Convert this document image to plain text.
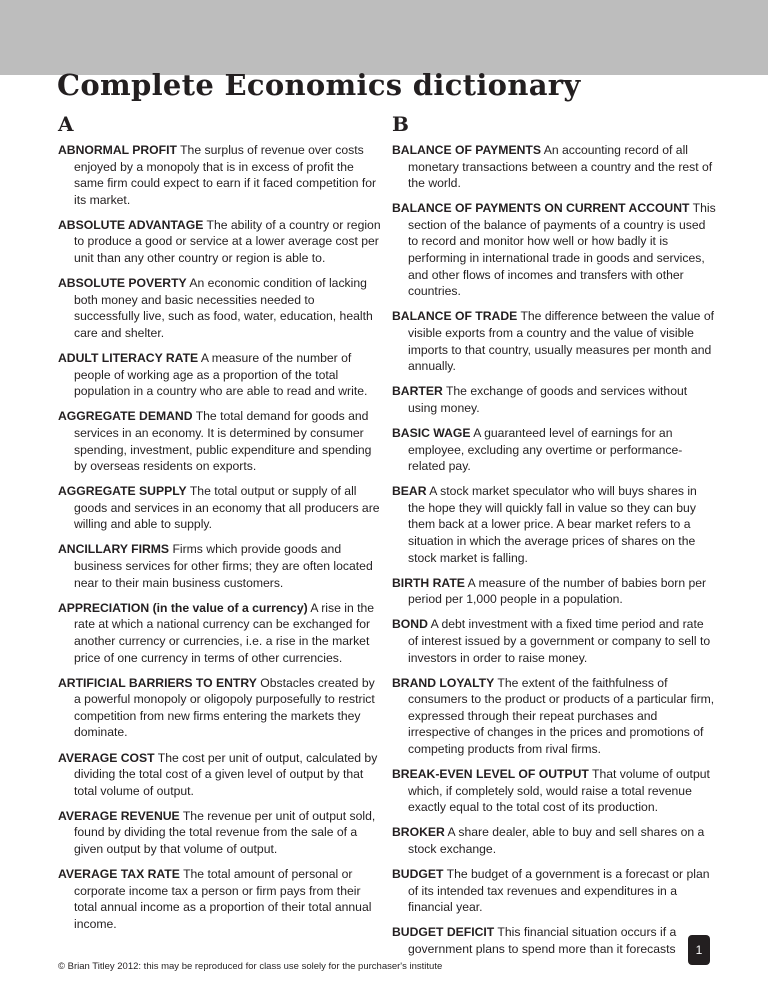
Complete Economics dictionary
A

ABNORMAL PROFIT The surplus of revenue over costs enjoyed by a monopoly that is in excess of profit the same firm could expect to earn if it faced competition for its market.

ABSOLUTE ADVANTAGE The ability of a country or region to produce a good or service at a lower average cost per unit than any other country or region is able to.

ABSOLUTE POVERTY An economic condition of lacking both money and basic necessities needed to successfully live, such as food, water, education, health care and shelter.

ADULT LITERACY RATE A measure of the number of people of working age as a proportion of the total population in a country who are able to read and write.

AGGREGATE DEMAND The total demand for goods and services in an economy. It is determined by consumer spending, investment, public expenditure and spending by overseas residents on exports.

AGGREGATE SUPPLY The total output or supply of all goods and services in an economy that all producers are willing and able to supply.

ANCILLARY FIRMS Firms which provide goods and business services for other firms; they are often located near to their main business customers.

APPRECIATION (in the value of a currency) A rise in the rate at which a national currency can be exchanged for another currency or currencies, i.e. a rise in the market price of one currency in terms of other currencies.

ARTIFICIAL BARRIERS TO ENTRY Obstacles created by a powerful monopoly or oligopoly purposefully to restrict competition from new firms entering the markets they dominate.

AVERAGE COST The cost per unit of output, calculated by dividing the total cost of a given level of output by that total volume of output.

AVERAGE REVENUE The revenue per unit of output sold, found by dividing the total revenue from the sale of a given output by that volume of output.

AVERAGE TAX RATE The total amount of personal or corporate income tax a person or firm pays from their total annual income as a proportion of their total annual income.

B

BALANCE OF PAYMENTS An accounting record of all monetary transactions between a country and the rest of the world.

BALANCE OF PAYMENTS ON CURRENT ACCOUNT This section of the balance of payments of a country is used to record and monitor how well or how badly it is performing in international trade in goods and services, and other flows of incomes and transfers with other countries.

BALANCE OF TRADE The difference between the value of visible exports from a country and the value of visible imports to that country, usually measures per month and annually.

BARTER The exchange of goods and services without using money.

BASIC WAGE A guaranteed level of earnings for an employee, excluding any overtime or performance-related pay.

BEAR A stock market speculator who will buys shares in the hope they will quickly fall in value so they can buy them back at a lower price. A bear market refers to a situation in which the average prices of shares on the stock market is falling.

BIRTH RATE A measure of the number of babies born per period per 1,000 people in a population.

BOND A debt investment with a fixed time period and rate of interest issued by a government or company to sell to investors in order to raise money.

BRAND LOYALTY The extent of the faithfulness of consumers to the product or products of a particular firm, expressed through their repeat purchases and irrespective of changes in the prices and promotions of competing products from rival firms.

BREAK-EVEN LEVEL OF OUTPUT That volume of output which, if completely sold, would raise a total revenue exactly equal to the total cost of its production.

BROKER A share dealer, able to buy and sell shares on a stock exchange.

BUDGET The budget of a government is a forecast or plan of its intended tax revenues and expenditures in a financial year.

BUDGET DEFICIT This financial situation occurs if a government plans to spend more than it forecasts

© Brian Titley 2012: this may be reproduced for class use solely for the purchaser's institute
1
